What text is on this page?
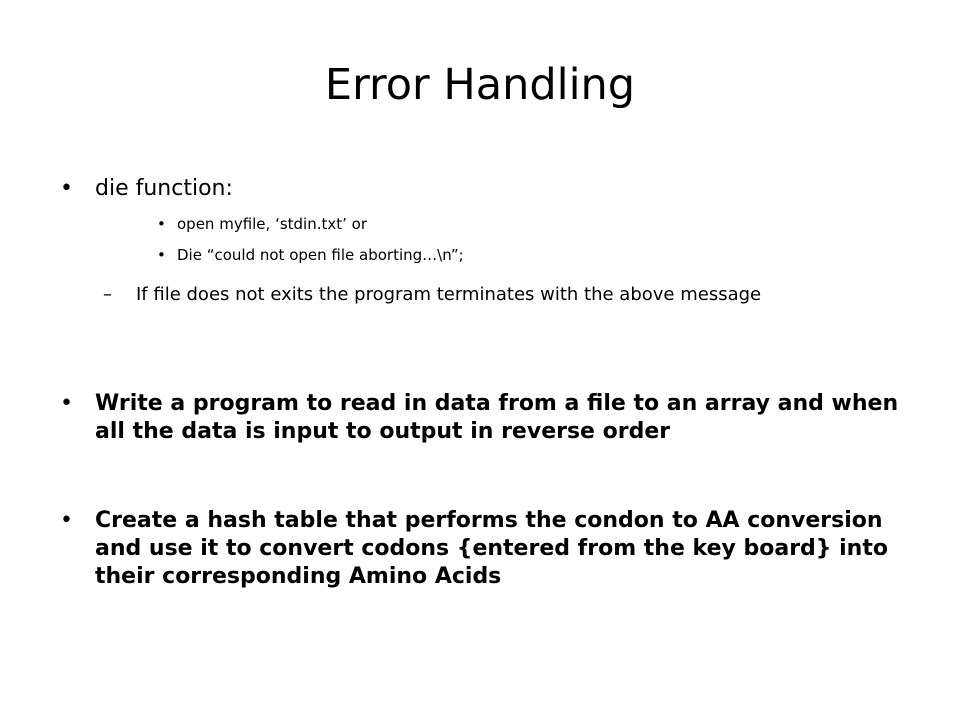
Error Handling
• die function:
• open myfile, ‘stdin.txt’ or
• Die “could not open file aborting…\n”;
– If file does not exits the program terminates with the above message
• Write a program to read in data from a file to an array and when all the data is input to output in reverse order
• Create a hash table that performs the condon to AA conversion and use it to convert codons {entered from the key board} into their corresponding Amino Acids
